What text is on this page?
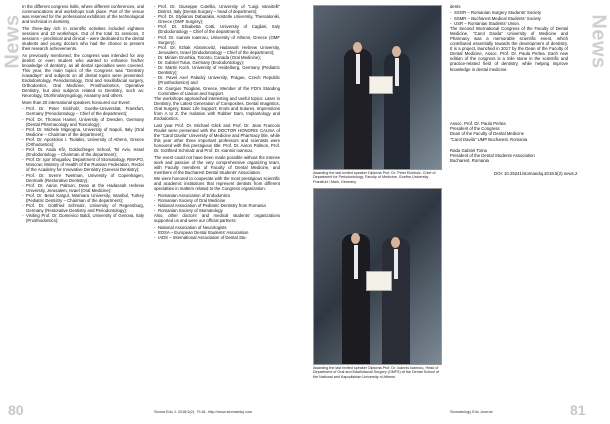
News

In the different congress halls, where different conferences, oral communications and workshops took place. Part of the venue was reserved for the professional exhibitors of the technological and technical in dentistry.

The three-day rich in scientific activities included eighteen sessions and 10 workshops. Out of the total 31 sessions, 2 sessions – preclinical and clinical – were dedicated to the dental students and young doctors who had the chance to present their research achievements.

As previously mentioned, the congress was intended for any dentist or even student who wanted to enhance his/her knowledge of dentistry, as all dental specialties were covered. This year, the main topics of the Congress was "Dentistry nowadays" and subjects on all dental topics were presented: Endodontology, Periodontology, Oral and maxillofacial surgery, Orthodontics, Oral Medicine, Prosthodontics, Operative Dentistry, but also subjects related to Dentistry, such as: Neurology, Otorhinolaryngology, Anatomy and others.

More than 20 international speakers honoured our Event:

- Prof. Dr. Peter Eickholz, Goethe-Universitat, Frankfurt, Germany (Periodontology – Chief of the department);
- Prof. Dr. Thomas Hamel, University of Dresden, Germany (Dental Pharmacology and Toxicology);
- Prof. Dr. Michele Mignogna, University of Napoli, Italy (Oral Medicine – Chairman of the department);
- Prof. Dr. Apostolos I. Tsolakis, University of Athens, Greece (Orthodontics);
- Prof. Dr. Anda Kfir, Goldschleger School, Tel Aviv, Israel (Endodontology – Chairman of the department);
- Prof. Dr. Igor Shugailov, Department of Stomatology, RMAPO, Moscow; Ministry of Health of the Russian Federation, Rector of the Academy for Innovative Dentistry (General Dentistry);
- Prof. Dr. Sverre Twetman, University of Copenhagen, Denmark (Restorative Dentistry);
- Prof. Dr. Aaron Palmon, Dean at the Hadassah Hebrew University, Jerusalem, Israel (Oral Medicine);
- Prof. Dr. Betul Kargul, Marmara University, Istanbul, Turkey (Pediatric Dentistry – Chairman of the department);
- Prof. Dr. Gottfried Schmalz, University of Regensburg, Germany (Restorative Dentistry and Periodontology);
- Visiting Prof. Dr. Domenico Baldi, University of Genova, Italy (Prosthodontics);
- Prof. Dr. Giuseppe Cotellia, University of "Luigi Vanvitelli" District, Italy (Dental Surgery – head of department);
- Prof. Dr. Stylianos Dabarakis, Aristotle University, Thessaloniki, Greece (OMF Surgery);
- Prof. Dr. Elisabetta Cotti, University of Cagliari, Italy (Endodontology – Chief of the department);
- Prof. Dr. Ioannis Ioannou, University of Athens, Greece (OMF Surgery);
- Prof. Dr. Itzhak Abramovitz, Hadassah Hebrew University, Jerusalem, Israel (Endodontology – Chief of the department);
- Dr. Miriam Grushka, Toronto, Canada (Oral Medicine);
- Dr. Gabriel Tulus, Germany (Endodontology);
- Dr. Martin Koch, University of Heidelberg, Germany (Pediatric Dentistry);
- Dr. Pavel Axel Palacký University, Prague, Czech Republic (Prosthodontics) and
- Dr. Giorgios Tsiogkas, Greece, Member of the FDI's Standing Committee of Liaison and Support.

The workshops approached interesting and useful topics: Laser in Dentistry, the Latest Generation of Composites, Dental Imagistics, Oral Surgery, Basic Life Support; Knots and Sutures, Impressions from A to Z, the Isolation with Rubber Dam, Implantology and Endodontics.

Last year Prof. Dr. Michael Glick and Prof. Dr. Jean Francois Roulet were presented with the DOCTOR HONORIS CAUSA of the "Carol Davila" University of Medicine and Pharmacy title, while this year other three important professors and scientists were honoured with this prestigious title: Prof. Dr. Aaron Palmon, Prof. Dr. Gottfried Schmalz and Prof. Dr. Ioannis Ioannou.

The event could not have been made possible without the intense work and passion of the very comprehensive organizing team, with Faculty members of Faculty of Dental Medicine, and members of the Bucharest Dental Students' Association.

We were honored to cooperate with the most prestigious scientific and academic institutions that represent dentists from different specialties in matters related to the Congress organization:

- Romanian Association of Endodontics
- Romanian Society of Oral Medicine
- National Association of Pediatric Dentistry from Romania
- Romanian Society of Stomatology

Also, other doctors' and medical students' organizations supported us and were our official partners:

- National Association of Neurologists
- EDSA – European Dental Students' Association
- IADS – International Association of Dental Stu-
80	Stoma Edu J. 2018;5(2): 79-81. http://www.stomaeduj.com
News
Awarding the last invited speaker Diploma Prof. Dr. Peter Eickholz, Chief of Department for Periodontology, Faculty of Medicine, Goethe-University Frankfurt / Main, Germany
Awarding the last invited speaker Diploma Prof. Dr. Ioannis Ioannou, Head of Department of Oral and Maxillofacial Surgery (OMFS) at the Dental School of the National and Kapodistrian University of Athens.

dents

- SSOR – Romanian Surgery Students' Society
- SSMR – Bucharest Medical Students' Society
- USR – Romanian Students' Union.

The Second International Congress of the Faculty of Dental Medicine, "Carol Davila" University of Medicine and Pharmacy was a memorable scientific event, which contributed essentially towards the development of dentistry. It is a project, launched in 2017 by the Dean of the Faculty of Dental Medicine, Assoc. Prof. Dr. Paula Perlea. Each new edition of the congress is a mile stone in the scientific and practice-related field of dentistry, while helping improve knowledge in dental medicine.

Assoc. Prof. Dr. Paula Perlea
President of the Congress
Dean of the Faculty of Dental Medicine
"Carol Davila" UMP Bucharest, Romania
Radu Gabriel Toma
President of the Dental Students Association
Bucharest, Romania
DOI: 10.25241/stomaeduj.2018.5(2).news.2
Stomatology Edu Journal	81
